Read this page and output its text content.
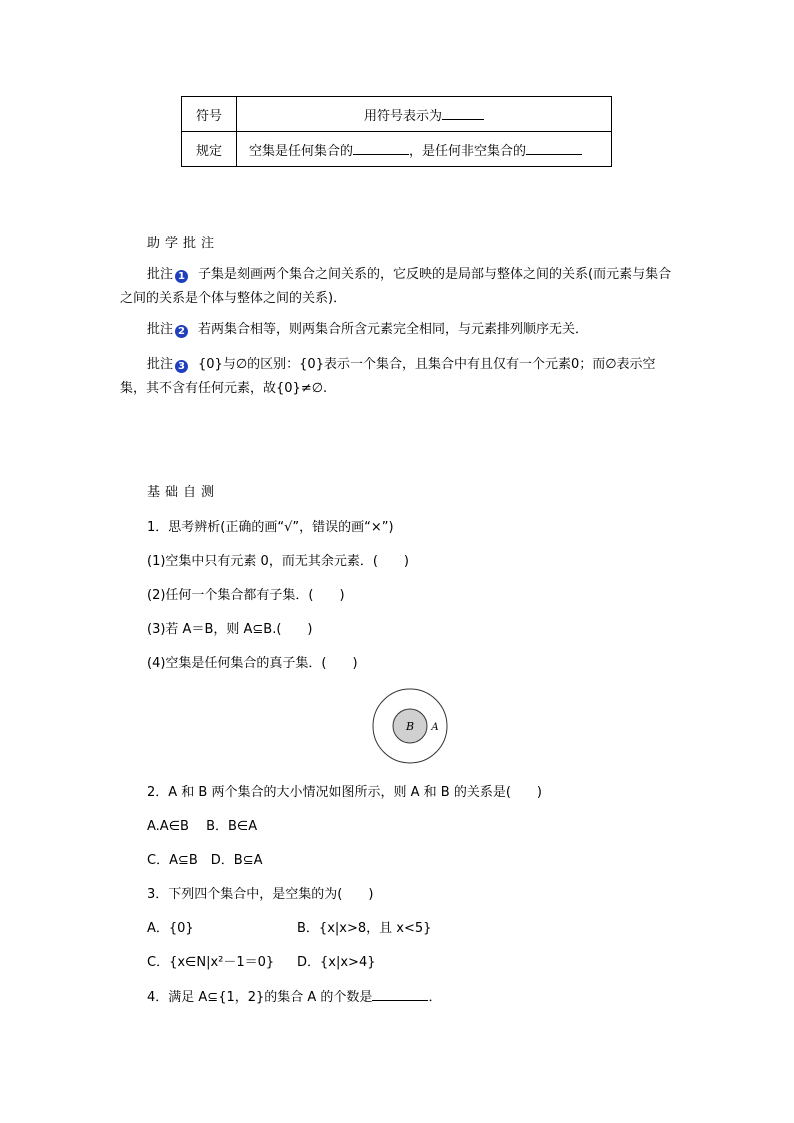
符号	用符号表示为
规定	空集是任何集合的 ，是任何非空集合的
助学批注
批注 1 子集是刻画两个集合之间关系的，它反映的是局部与整体之间的关系(而元素与集合之间的关系是个体与整体之间的关系)．
批注 2 若两集合相等，则两集合所含元素完全相同，与元素排列顺序无关．
批注 3 {0}与∅的区别：{0}表示一个集合，且集合中有且仅有一个元素0；而∅表示空集，其不含有任何元素，故{0}≠∅.
基础自测
1．思考辨析(正确的画“√”，错误的画“×”)
(1)空集中只有元素 0，而无其余元素．(　　)
(2)任何一个集合都有子集．(　　)
(3)若 A＝B，则 A⊆B.(　　)
(4)空集是任何集合的真子集．(　　)
B A
2．A 和 B 两个集合的大小情况如图所示，则 A 和 B 的关系是(　　)
A.A∈B　 B．B∈A
C．A⊆B　D．B⊆A
3．下列四个集合中，是空集的为(　　)
A．{0}	B．{x|x>8，且 x<5}
C．{x∈N|x²－1＝0} D．{x|x>4}
4．满足 A⊆{1，2}的集合 A 的个数是	．
